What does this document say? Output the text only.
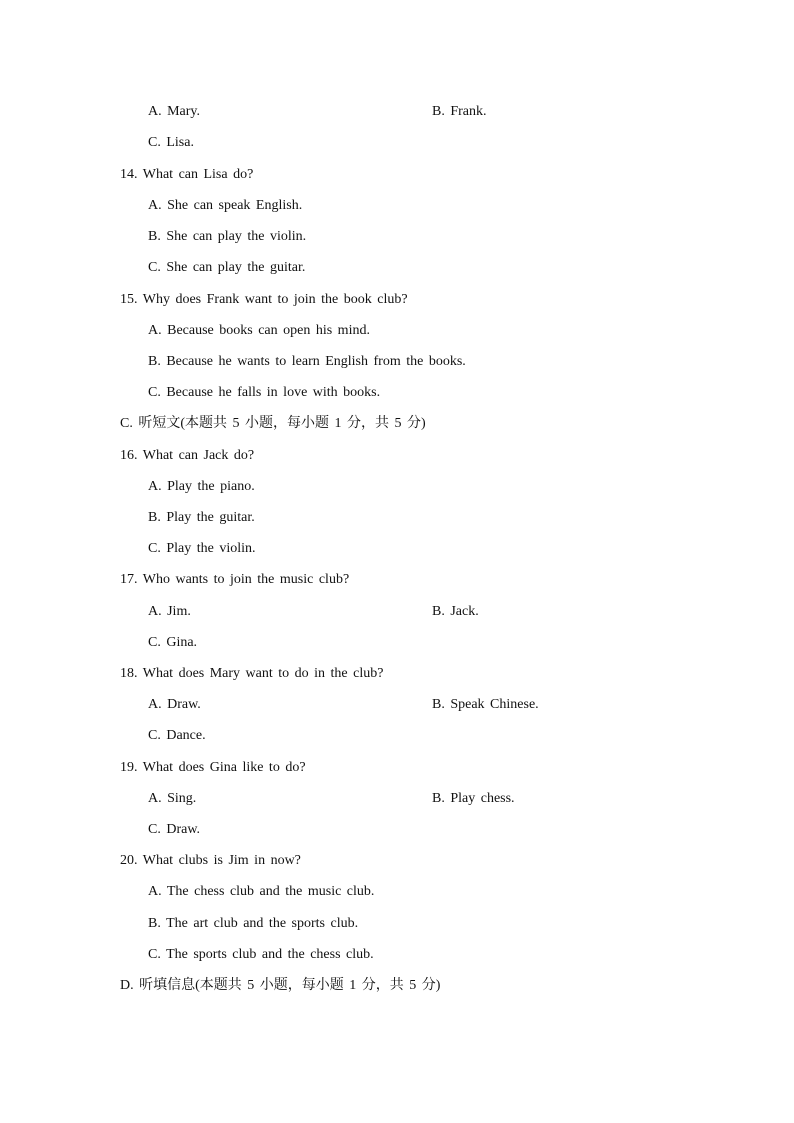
A. Mary.	B. Frank.
C. Lisa.
14. What can Lisa do?
A. She can speak English.
B. She can play the violin.
C. She can play the guitar.
15. Why does Frank want to join the book club?
A. Because books can open his mind.
B. Because he wants to learn English from the books.
C. Because he falls in love with books.
C. 听短文(本题共 5 小题，每小题 1 分，共 5 分)
16. What can Jack do?
A. Play the piano.
B. Play the guitar.
C. Play the violin.
17. Who wants to join the music club?
A. Jim.	B. Jack.
C. Gina.
18. What does Mary want to do in the club?
A. Draw.	B. Speak Chinese.
C. Dance.
19. What does Gina like to do?
A. Sing.	B. Play chess.
C. Draw.
20. What clubs is Jim in now?
A. The chess club and the music club.
B. The art club and the sports club.
C. The sports club and the chess club.
D. 听填信息(本题共 5 小题，每小题 1 分，共 5 分)
